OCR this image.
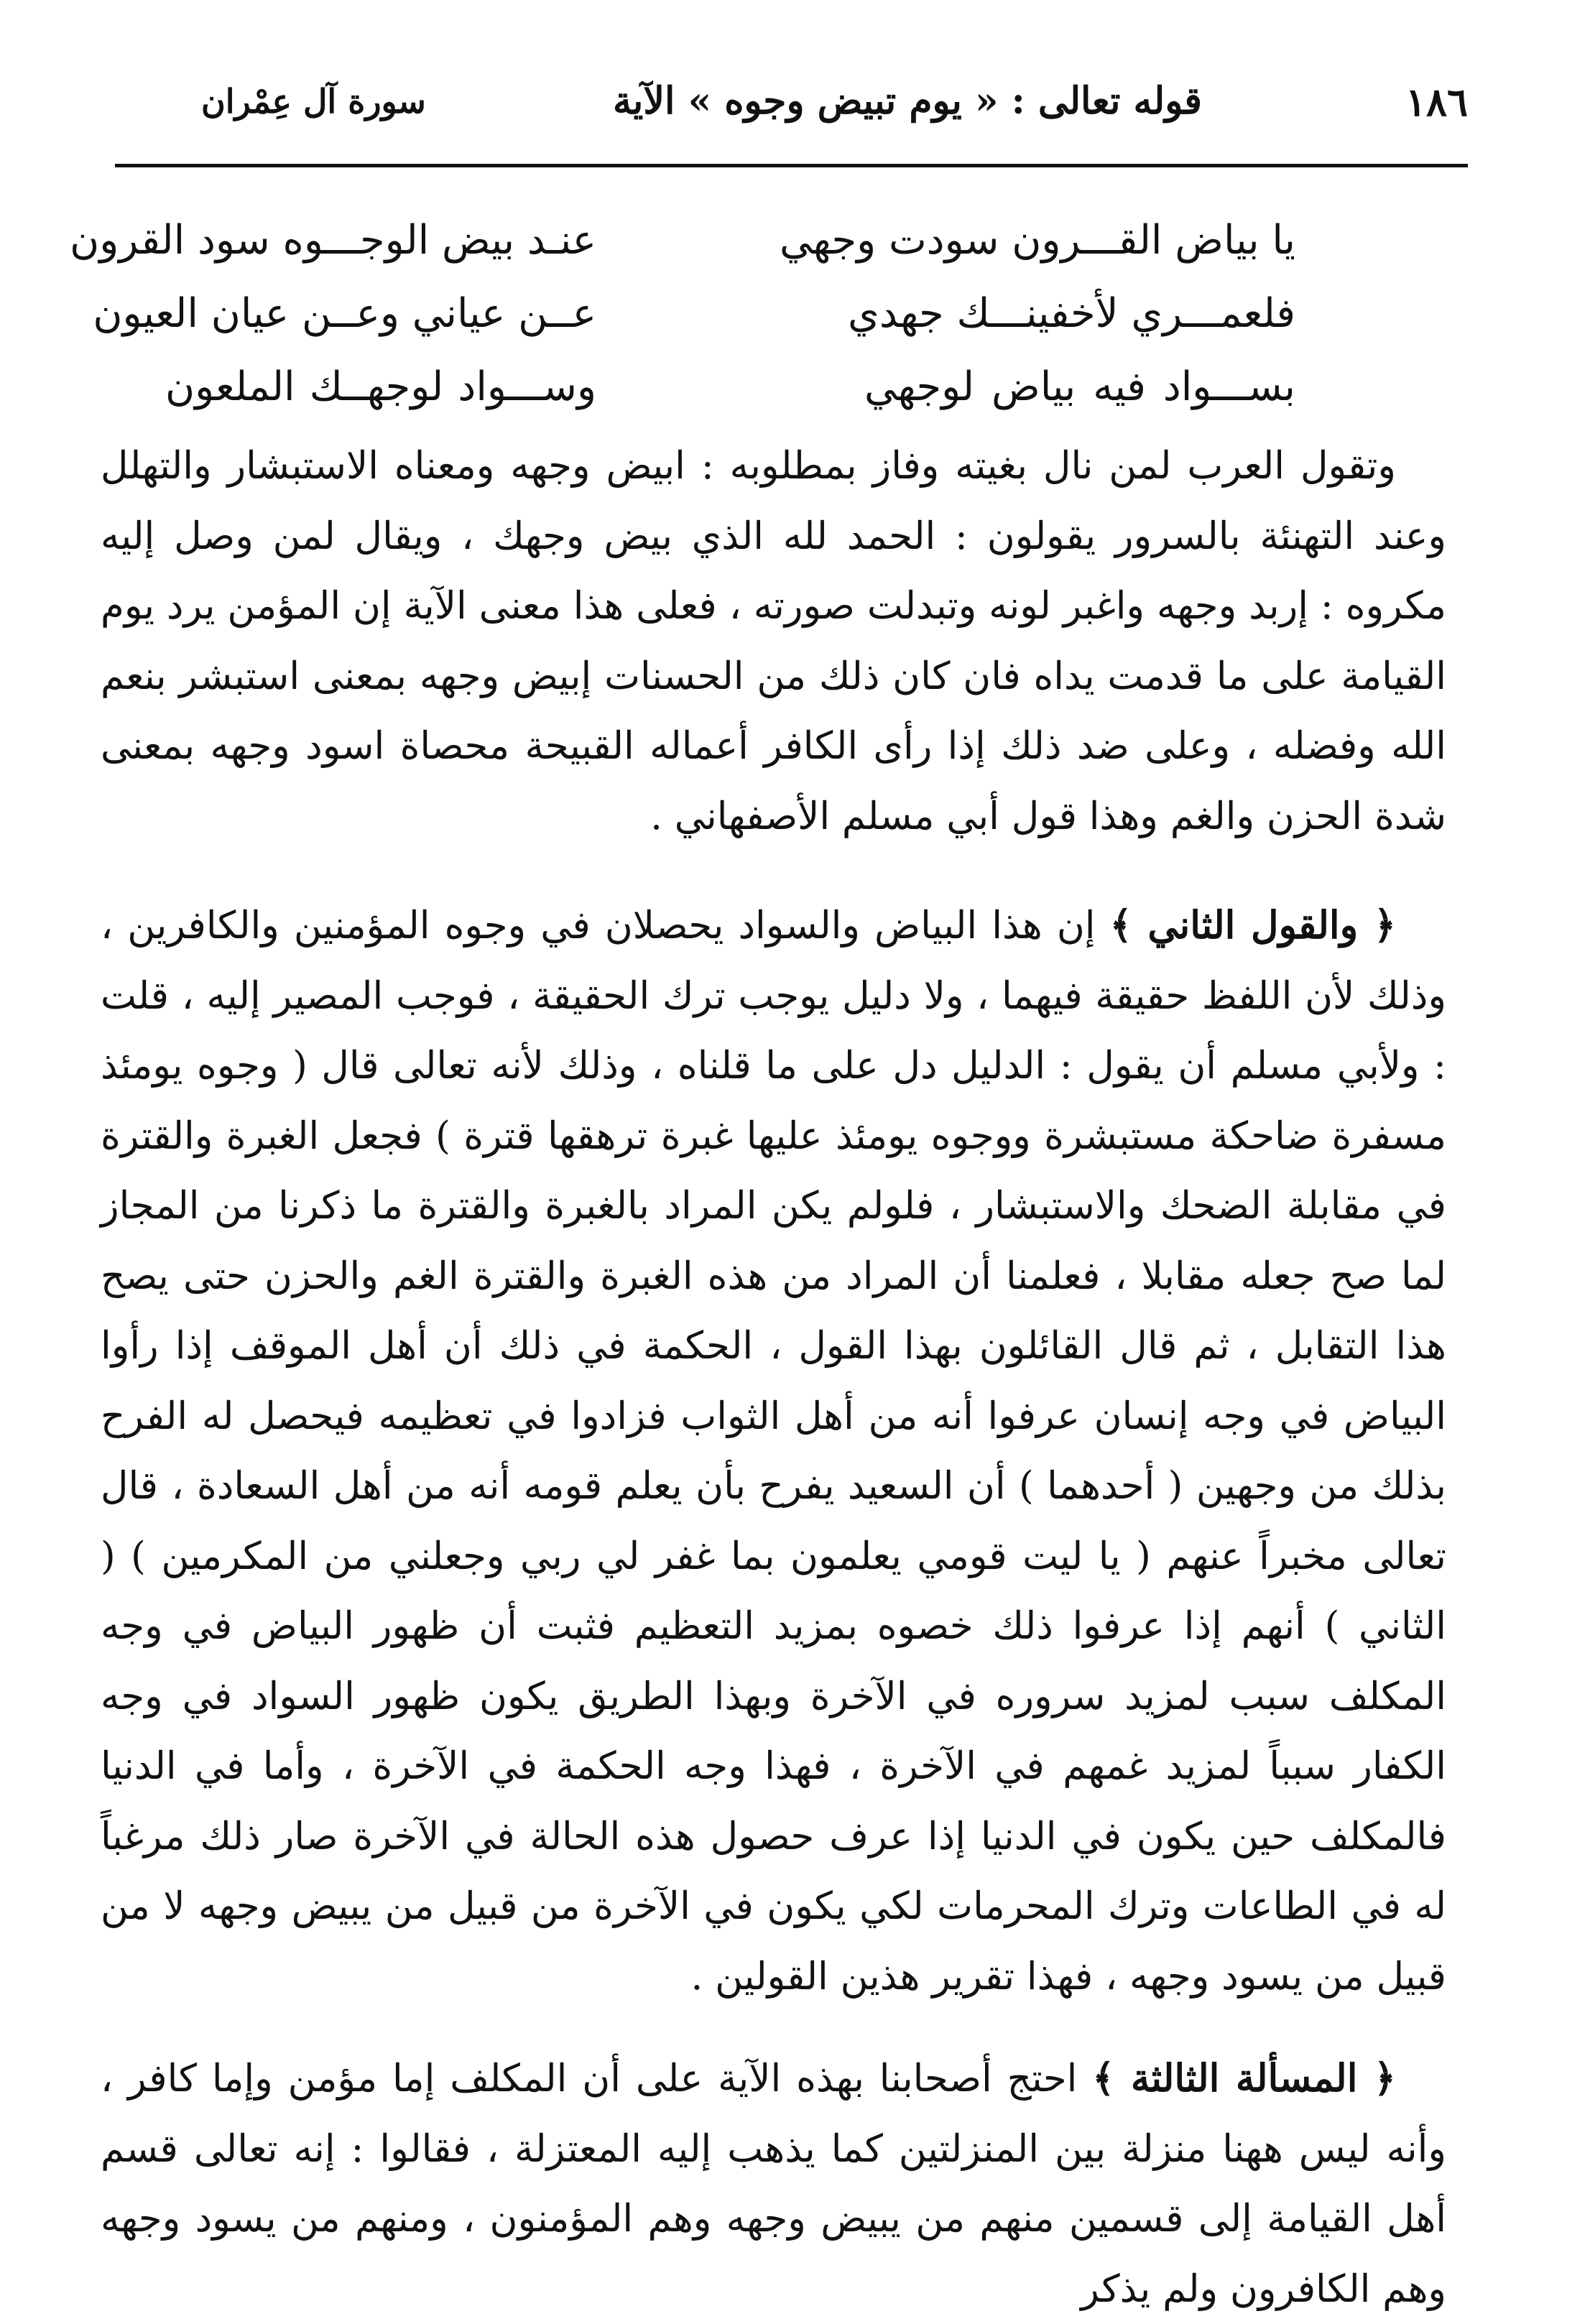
١٨٦
قوله تعالى : « يوم تبيض وجوه » الآية
سورة آل عِمْران
يا بياض القـــرون سودت وجهي
عنـد بيض الوجـــوه سود القرون
فلعمـــري لأخفينـــك جهدي
عــن عياني وعــن عيان العيون
بســـواد فيه بياض لوجهي
وســـواد لوجهــك الملعون

وتقول العرب لمن نال بغيته وفاز بمطلوبه : ابيض وجهه ومعناه الاستبشار والتهلل وعند التهنئة بالسرور يقولون : الحمد لله الذي بيض وجهك ، ويقال لمن وصل إليه مكروه : إربد وجهه واغبر لونه وتبدلت صورته ، فعلى هذا معنى الآية إن المؤمن يرد يوم القيامة على ما قدمت يداه فان كان ذلك من الحسنات إبيض وجهه بمعنى استبشر بنعم الله وفضله ، وعلى ضد ذلك إذا رأى الكافر أعماله القبيحة محصاة اسود وجهه بمعنى شدة الحزن والغم وهذا قول أبي مسلم الأصفهاني .

﴿ والقول الثاني ﴾ إن هذا البياض والسواد يحصلان في وجوه المؤمنين والكافرين ، وذلك لأن اللفظ حقيقة فيهما ، ولا دليل يوجب ترك الحقيقة ، فوجب المصير إليه ، قلت : ولأبي مسلم أن يقول : الدليل دل على ما قلناه ، وذلك لأنه تعالى قال ( وجوه يومئذ مسفرة ضاحكة مستبشرة ووجوه يومئذ عليها غبرة ترهقها قترة ) فجعل الغبرة والقترة في مقابلة الضحك والاستبشار ، فلولم يكن المراد بالغبرة والقترة ما ذكرنا من المجاز لما صح جعله مقابلا ، فعلمنا أن المراد من هذه الغبرة والقترة الغم والحزن حتى يصح هذا التقابل ، ثم قال القائلون بهذا القول ، الحكمة في ذلك أن أهل الموقف إذا رأوا البياض في وجه إنسان عرفوا أنه من أهل الثواب فزادوا في تعظيمه فيحصل له الفرح بذلك من وجهين ( أحدهما ) أن السعيد يفرح بأن يعلم قومه أنه من أهل السعادة ، قال تعالى مخبراً عنهم ( يا ليت قومي يعلمون بما غفر لي ربي وجعلني من المكرمين ) ( الثاني ) أنهم إذا عرفوا ذلك خصوه بمزيد التعظيم فثبت أن ظهور البياض في وجه المكلف سبب لمزيد سروره في الآخرة وبهذا الطريق يكون ظهور السواد في وجه الكفار سبباً لمزيد غمهم في الآخرة ، فهذا وجه الحكمة في الآخرة ، وأما في الدنيا فالمكلف حين يكون في الدنيا إذا عرف حصول هذه الحالة في الآخرة صار ذلك مرغباً له في الطاعات وترك المحرمات لكي يكون في الآخرة من قبيل من يبيض وجهه لا من قبيل من يسود وجهه ، فهذا تقرير هذين القولين .

﴿ المسألة الثالثة ﴾ احتج أصحابنا بهذه الآية على أن المكلف إما مؤمن وإما كافر ، وأنه ليس ههنا منزلة بين المنزلتين كما يذهب إليه المعتزلة ، فقالوا : إنه تعالى قسم أهل القيامة إلى قسمين منهم من يبيض وجهه وهم المؤمنون ، ومنهم من يسود وجهه وهم الكافرون ولم يذكر
